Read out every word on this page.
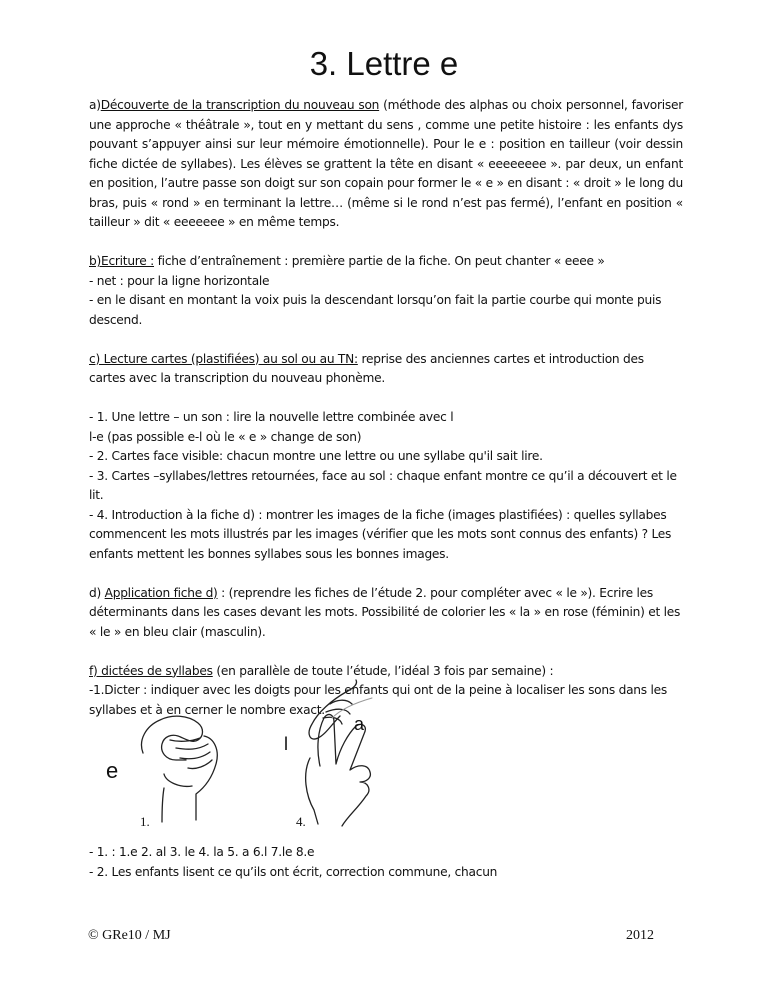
3. Lettre e

a)Découverte de la transcription du nouveau son (méthode des alphas ou choix personnel, favoriser une approche « théâtrale », tout en y mettant du sens , comme une petite histoire : les enfants dys pouvant s’appuyer ainsi sur leur mémoire émotionnelle). Pour le e : position en tailleur (voir dessin fiche dictée de syllabes). Les élèves se grattent la tête en disant « eeeeeeee ». par deux, un enfant en position, l’autre passe son doigt sur son copain pour former le « e » en disant : « droit » le long du bras, puis « rond » en terminant la lettre… (même si le rond n’est pas fermé), l’enfant en position « tailleur » dit « eeeeeee » en même temps.

b)Ecriture : fiche d’entraînement : première partie de la fiche. On peut chanter « eeee »
- net : pour la ligne horizontale
- en le disant en montant la voix puis la descendant lorsqu’on fait la partie courbe qui monte puis descend.

c) Lecture cartes (plastifiées) au sol ou au TN: reprise des anciennes cartes et introduction des cartes avec la transcription du nouveau phonème.

- 1. Une lettre – un son : lire la nouvelle lettre combinée avec l
l-e (pas possible e-l où le « e » change de son)
- 2. Cartes face visible: chacun montre une lettre ou une syllabe qu'il sait lire.
- 3. Cartes –syllabes/lettres retournées, face au sol : chaque enfant montre ce qu’il a découvert et le lit.
- 4. Introduction à la fiche d) : montrer les images de la fiche (images plastifiées) : quelles syllabes commencent les mots illustrés par les images (vérifier que les mots sont connus des enfants) ? Les enfants mettent les bonnes syllabes sous les bonnes images.

d) Application fiche d) : (reprendre les fiches de l’étude 2. pour compléter avec « le »). Ecrire les déterminants dans les cases devant les mots. Possibilité de colorier les « la » en rose (féminin) et les « le » en bleu clair (masculin).

f) dictées de syllabes (en parallèle de toute l’étude, l’idéal 3 fois par semaine) :
-1.Dicter : indiquer avec les doigts pour les enfants qui ont de la peine à localiser les sons dans les syllabes et à en cerner le nombre exact.

e
l
a
1.	4.
- 1. : 1.e 2. al 3. le 4. la 5. a 6.l 7.le 8.e
- 2. Les enfants lisent ce qu’ils ont écrit, correction commune, chacun
© GRe10 / MJ	2012
